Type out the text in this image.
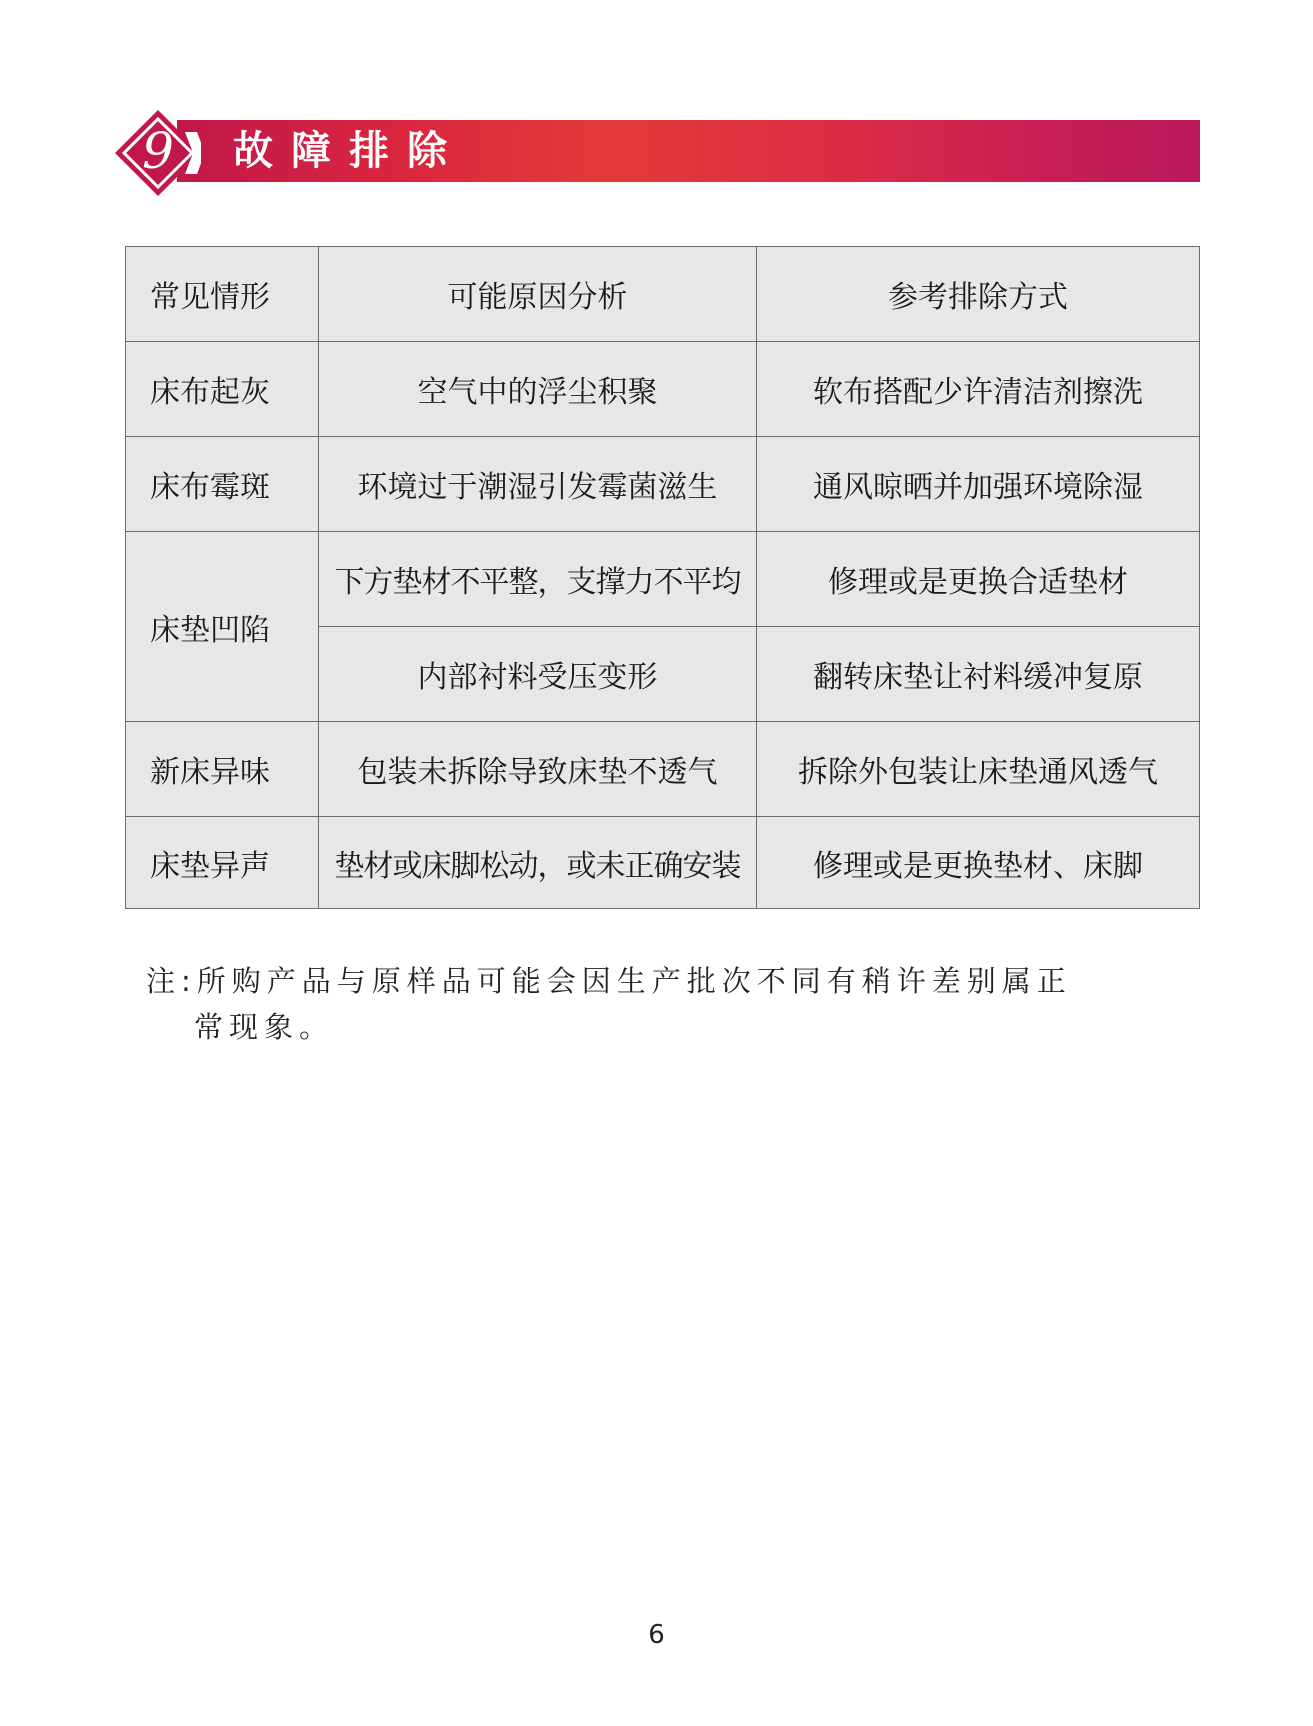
9	故障排除
常见情形	可能原因分析	参考排除方式
床布起灰	空气中的浮尘积聚	软布搭配少许清洁剂擦洗
床布霉斑	环境过于潮湿引发霉菌滋生	通风晾晒并加强环境除湿
床垫凹陷	下方垫材不平整，支撑力不平均	修理或是更换合适垫材
	内部衬料受压变形	翻转床垫让衬料缓冲复原
新床异味	包装未拆除导致床垫不透气	拆除外包装让床垫通风透气
床垫异声	垫材或床脚松动，或未正确安装	修理或是更换垫材、床脚
注:所购产品与原样品可能会因生产批次不同有稍许差别属正
常现象。
6
